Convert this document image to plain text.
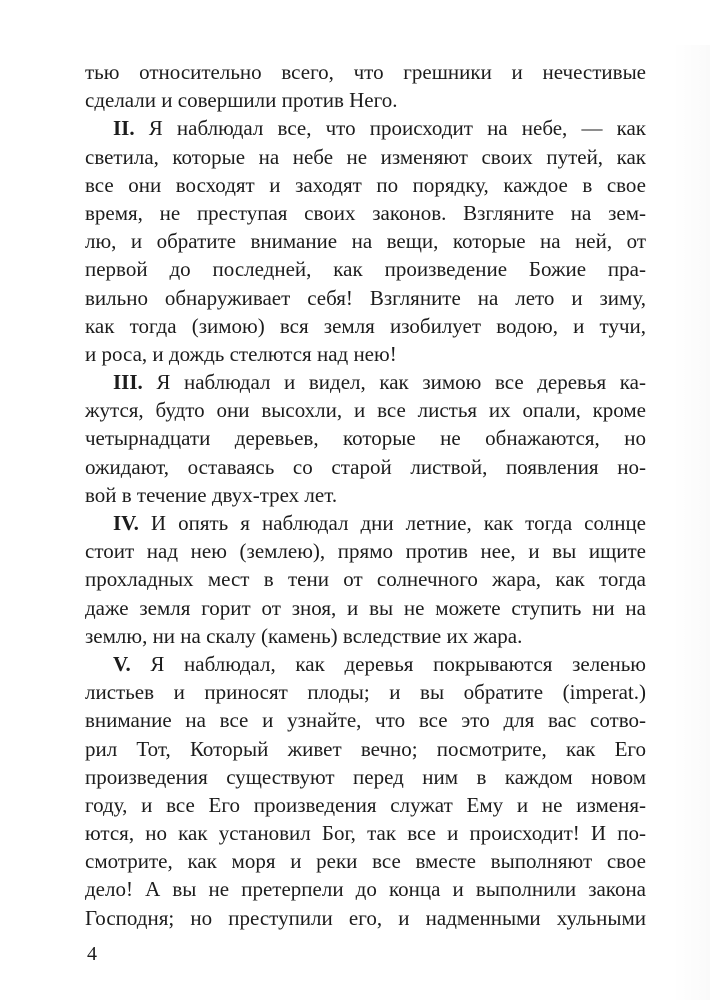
тью относительно всего, что грешники и нечестивые
сделали и совершили против Него.
II. Я наблюдал все, что происходит на небе, — как
светила, которые на небе не изменяют своих путей, как
все они восходят и заходят по порядку, каждое в свое
время, не преступая своих законов. Взгляните на зем-
лю, и обратите внимание на вещи, которые на ней, от
первой до последней, как произведение Божие пра-
вильно обнаруживает себя! Взгляните на лето и зиму,
как тогда (зимою) вся земля изобилует водою, и тучи,
и роса, и дождь стелются над нею!
III. Я наблюдал и видел, как зимою все деревья ка-
жутся, будто они высохли, и все листья их опали, кроме
четырнадцати деревьев, которые не обнажаются, но
ожидают, оставаясь со старой листвой, появления но-
вой в течение двух-трех лет.
IV. И опять я наблюдал дни летние, как тогда солнце
стоит над нею (землею), прямо против нее, и вы ищите
прохладных мест в тени от солнечного жара, как тогда
даже земля горит от зноя, и вы не можете ступить ни на
землю, ни на скалу (камень) вследствие их жара.
V. Я наблюдал, как деревья покрываются зеленью
листьев и приносят плоды; и вы обратите (imperat.)
внимание на все и узнайте, что все это для вас сотво-
рил Тот, Который живет вечно; посмотрите, как Его
произведения существуют перед ним в каждом новом
году, и все Его произведения служат Ему и не изменя-
ются, но как установил Бог, так все и происходит! И по-
смотрите, как моря и реки все вместе выполняют свое
дело! А вы не претерпели до конца и выполнили закона
Господня; но преступили его, и надменными хульными
4
